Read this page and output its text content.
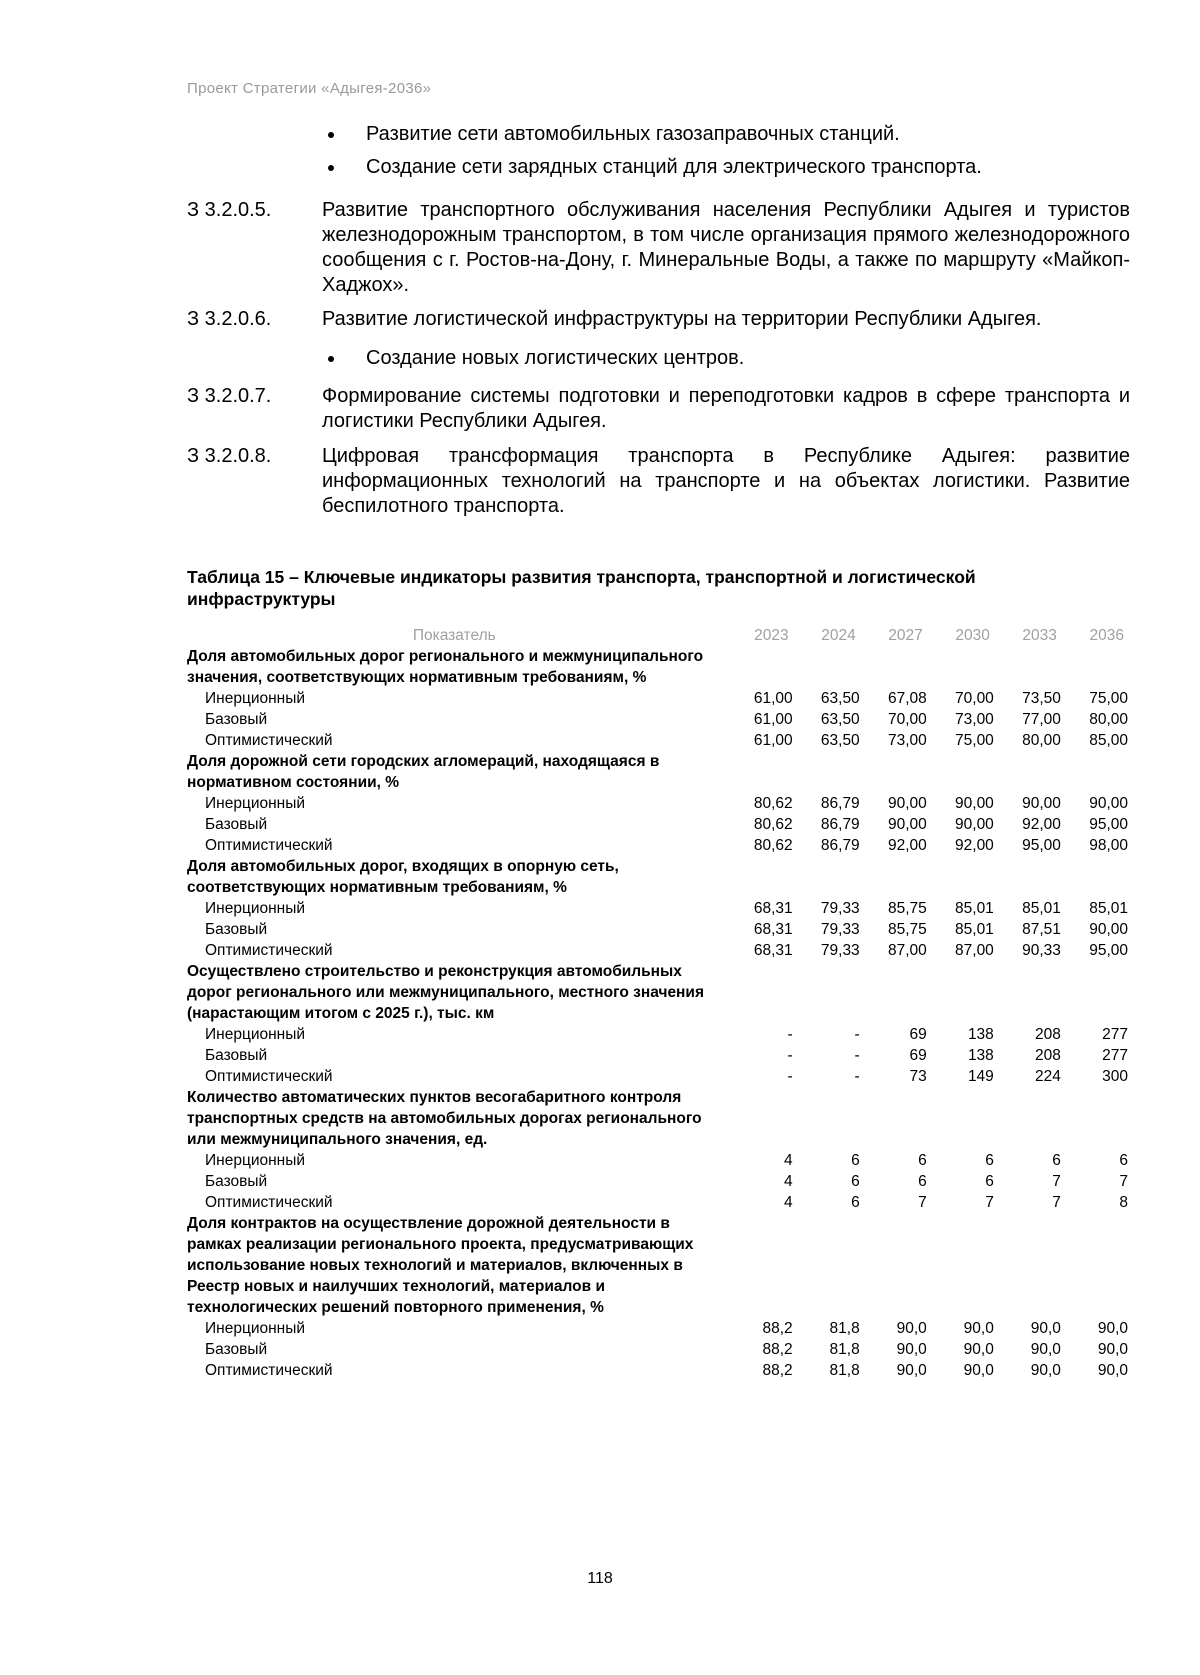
Проект Стратегии «Адыгея-2036»
Развитие сети автомобильных газозаправочных станций.
Создание сети зарядных станций для электрического транспорта.
З 3.2.0.5.	Развитие транспортного обслуживания населения Республики Адыгея и туристов железнодорожным транспортом, в том числе организация прямого железнодорожного сообщения с г. Ростов-на-Дону, г. Минеральные Воды, а также по маршруту «Майкоп-Хаджох».
З 3.2.0.6.	Развитие логистической инфраструктуры на территории Республики Адыгея.
Создание новых логистических центров.
З 3.2.0.7.	Формирование системы подготовки и переподготовки кадров в сфере транспорта и логистики Республики Адыгея.
З 3.2.0.8.	Цифровая трансформация транспорта в Республике Адыгея: развитие информационных технологий на транспорте и на объектах логистики. Развитие беспилотного транспорта.
Таблица 15 – Ключевые индикаторы развития транспорта, транспортной и логистической инфраструктуры
Показатель	2023	2024	2027	2030	2033	2036
Доля автомобильных дорог регионального и межмуниципального значения, соответствующих нормативным требованиям, %						
Инерционный	61,00	63,50	67,08	70,00	73,50	75,00
Базовый	61,00	63,50	70,00	73,00	77,00	80,00
Оптимистический	61,00	63,50	73,00	75,00	80,00	85,00
Доля дорожной сети городских агломераций, находящаяся в нормативном состоянии, %						
Инерционный	80,62	86,79	90,00	90,00	90,00	90,00
Базовый	80,62	86,79	90,00	90,00	92,00	95,00
Оптимистический	80,62	86,79	92,00	92,00	95,00	98,00
Доля автомобильных дорог, входящих в опорную сеть, соответствующих нормативным требованиям, %						
Инерционный	68,31	79,33	85,75	85,01	85,01	85,01
Базовый	68,31	79,33	85,75	85,01	87,51	90,00
Оптимистический	68,31	79,33	87,00	87,00	90,33	95,00
Осуществлено строительство и реконструкция автомобильных дорог регионального или межмуниципального, местного значения (нарастающим итогом с 2025 г.), тыс. км						
Инерционный	-	-	69	138	208	277
Базовый	-	-	69	138	208	277
Оптимистический	-	-	73	149	224	300
Количество автоматических пунктов весогабаритного контроля транспортных средств на автомобильных дорогах регионального или межмуниципального значения, ед.						
Инерционный	4	6	6	6	6	6
Базовый	4	6	6	6	7	7
Оптимистический	4	6	7	7	7	8
Доля контрактов на осуществление дорожной деятельности в рамках реализации регионального проекта, предусматривающих использование новых технологий и материалов, включенных в Реестр новых и наилучших технологий, материалов и технологических решений повторного применения, %						
Инерционный	88,2	81,8	90,0	90,0	90,0	90,0
Базовый	88,2	81,8	90,0	90,0	90,0	90,0
Оптимистический	88,2	81,8	90,0	90,0	90,0	90,0
118
